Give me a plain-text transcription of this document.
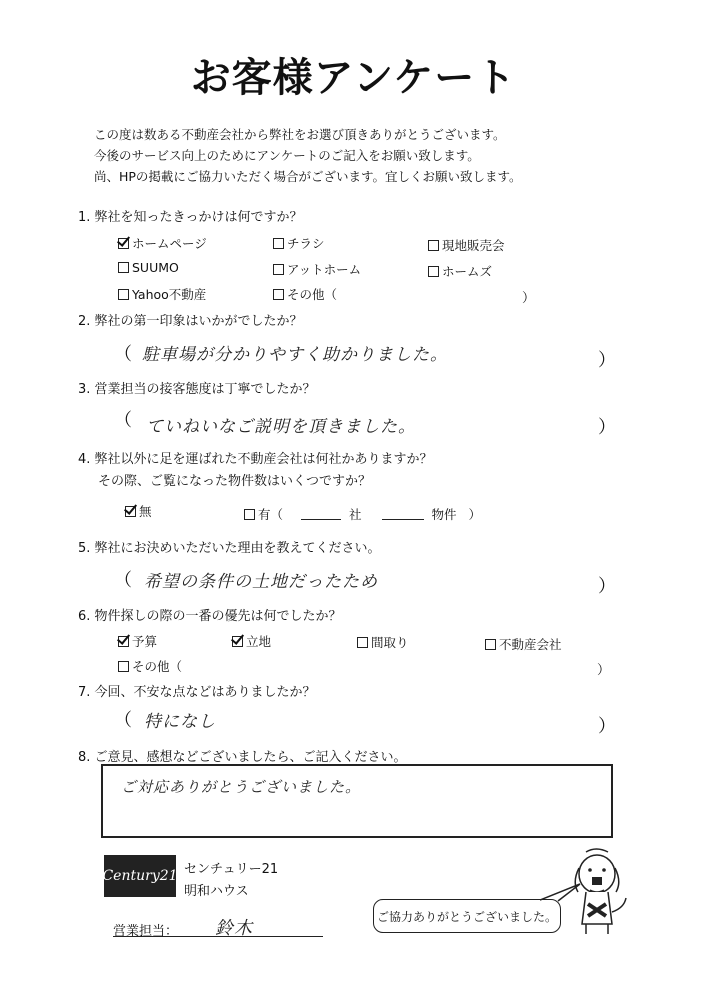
お客様アンケート
この度は数ある不動産会社から弊社をお選び頂きありがとうございます。
今後のサービス向上のためにアンケートのご記入をお願い致します。
尚、HPの掲載にご協力いただく場合がございます。宜しくお願い致します。
1. 弊社を知ったきっかけは何ですか？
ホームページ	チラシ	現地販売会
SUUMO	アットホーム	ホームズ
Yahoo不動産	その他（	）
2. 弊社の第一印象はいかがでしたか？
（ 駐車場が分かりやすく助かりました。	）
3. 営業担当の接客態度は丁寧でしたか？
（ ていねいなご説明を頂きました。	）
4. 弊社以外に足を運ばれた不動産会社は何社かありますか？
その際、ご覧になった物件数はいくつですか？
無	有（	社	物件 ）
5. 弊社にお決めいただいた理由を教えてください。
（ 希望の条件の土地だったため	）
6. 物件探しの際の一番の優先は何でしたか？
予算	立地	間取り	不動産会社
その他（	）
7. 今回、不安な点などはありましたか？
（ 特になし	）
8. ご意見、感想などございましたら、ご記入ください。
ご対応ありがとうございました。
Century21 センチュリー21
明和ハウス
ご協力ありがとうございました。
営業担当： 鈴木
